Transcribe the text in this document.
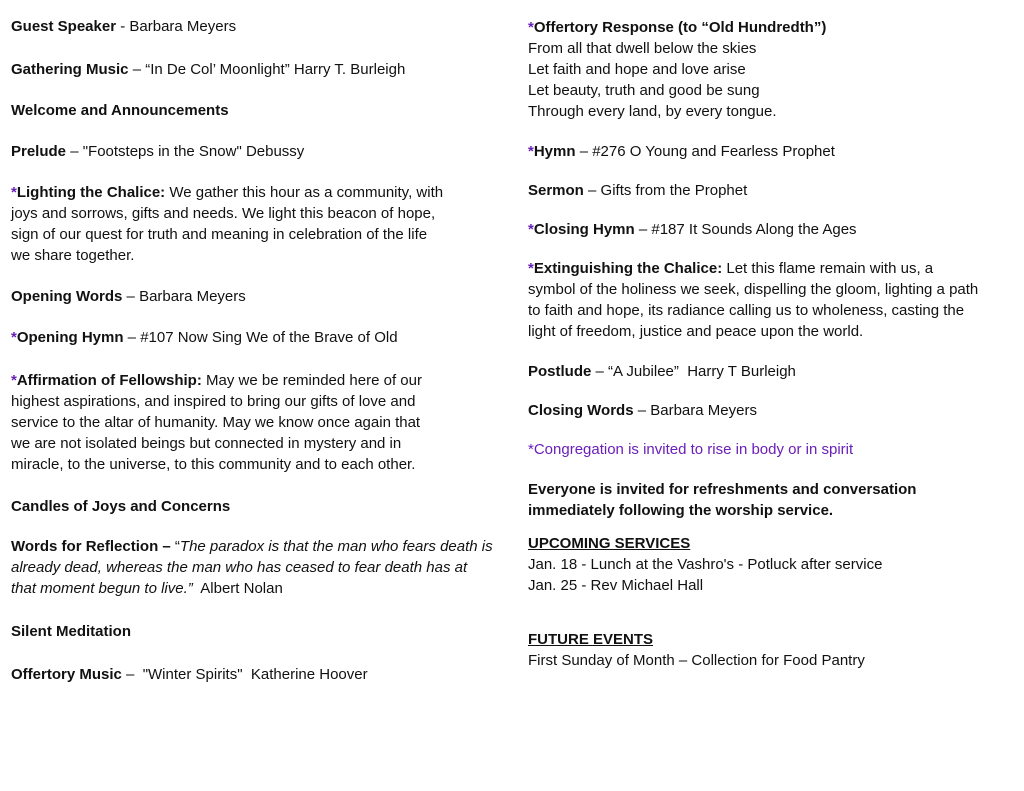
Guest Speaker - Barbara Meyers

Gathering Music – “In De Col’ Moonlight” Harry T. Burleigh

Welcome and Announcements

Prelude – "Footsteps in the Snow" Debussy

*Lighting the Chalice: We gather this hour as a community, with
joys and sorrows, gifts and needs. We light this beacon of hope,
sign of our quest for truth and meaning in celebration of the life
we share together.

Opening Words – Barbara Meyers

*Opening Hymn – #107 Now Sing We of the Brave of Old

*Affirmation of Fellowship: May we be reminded here of our
highest aspirations, and inspired to bring our gifts of love and
service to the altar of humanity. May we know once again that
we are not isolated beings but connected in mystery and in
miracle, to the universe, to this community and to each other.

Candles of Joys and Concerns

Words for Reflection – “The paradox is that the man who fears death is
already dead, whereas the man who has ceased to fear death has at
that moment begun to live.”  Albert Nolan

Silent Meditation

Offertory Music –  "Winter Spirits"  Katherine Hoover

*Offertory Response (to “Old Hundredth”)
From all that dwell below the skies
Let faith and hope and love arise
Let beauty, truth and good be sung
Through every land, by every tongue.

*Hymn – #276 O Young and Fearless Prophet

Sermon – Gifts from the Prophet

*Closing Hymn – #187 It Sounds Along the Ages

*Extinguishing the Chalice: Let this flame remain with us, a
symbol of the holiness we seek, dispelling the gloom, lighting a path
to faith and hope, its radiance calling us to wholeness, casting the
light of freedom, justice and peace upon the world.

Postlude – “A Jubilee”  Harry T Burleigh

Closing Words – Barbara Meyers

*Congregation is invited to rise in body or in spirit

Everyone is invited for refreshments and conversation
immediately following the worship service.
UPCOMING SERVICES
Jan. 18 - Lunch at the Vashro's - Potluck after service
Jan. 25 - Rev Michael Hall
FUTURE EVENTS
First Sunday of Month – Collection for Food Pantry
